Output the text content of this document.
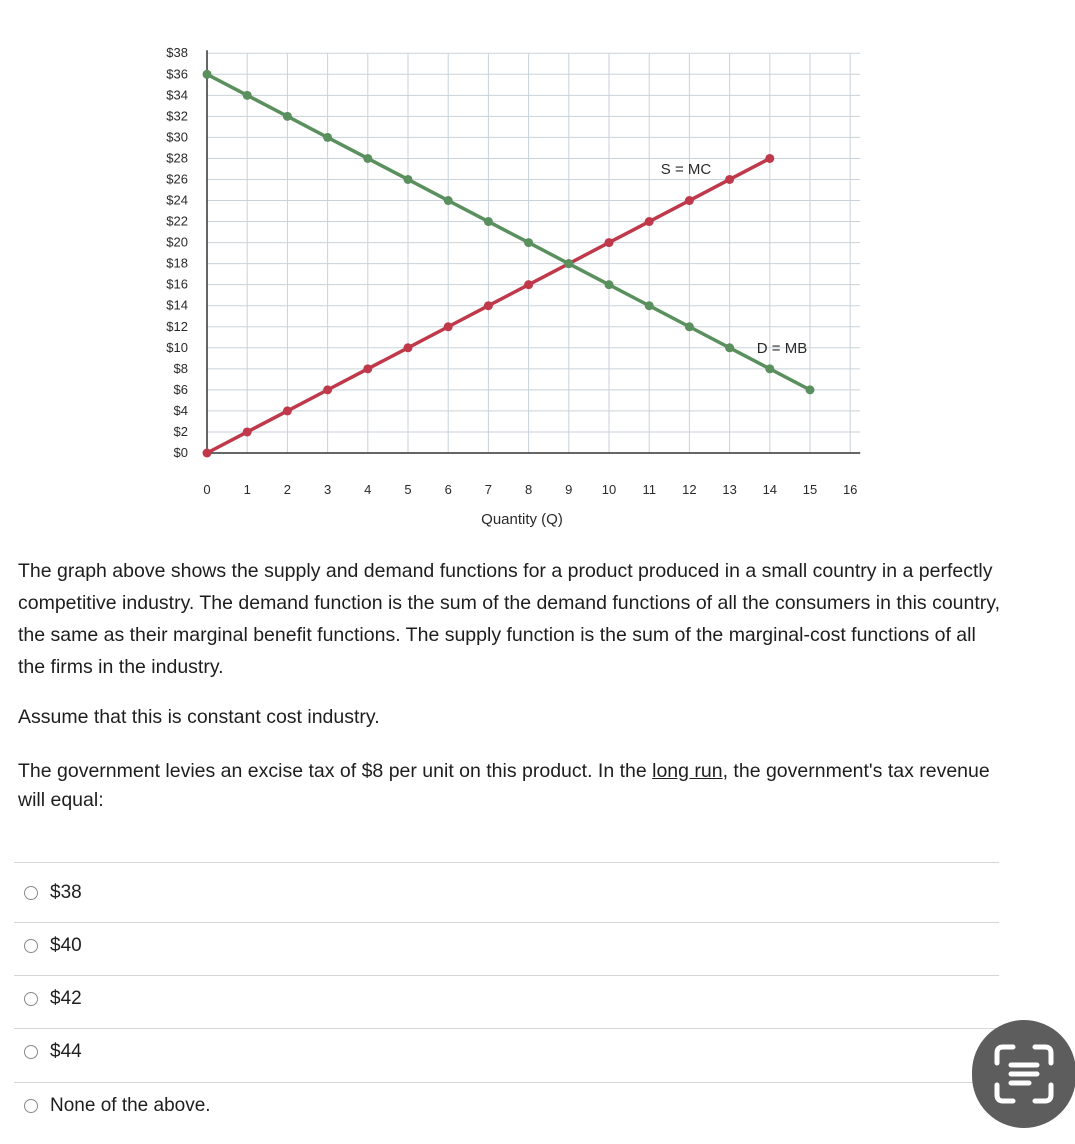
$0
$2
$4
$6
$8
$10
$12
$14
$16
$18
$20
$22
$24
$26
$28
$30
$32
$34
$36
$38
0	1	2	3	4	5	6	7	8	9 10 11 12 13 14 15 16
Quantity (Q)
S = MC
D = MB

The graph above shows the supply and demand functions for a product produced in a small country in a perfectly competitive industry. The demand function is the sum of the demand functions of all the consumers in this country, the same as their marginal benefit functions. The supply function is the sum of the marginal-cost functions of all the firms in the industry.

Assume that this is constant cost industry.
The government levies an excise tax of $8 per unit on this product. In the long run, the government's tax revenue will equal:
$38
$40
$42
$44
None of the above.
